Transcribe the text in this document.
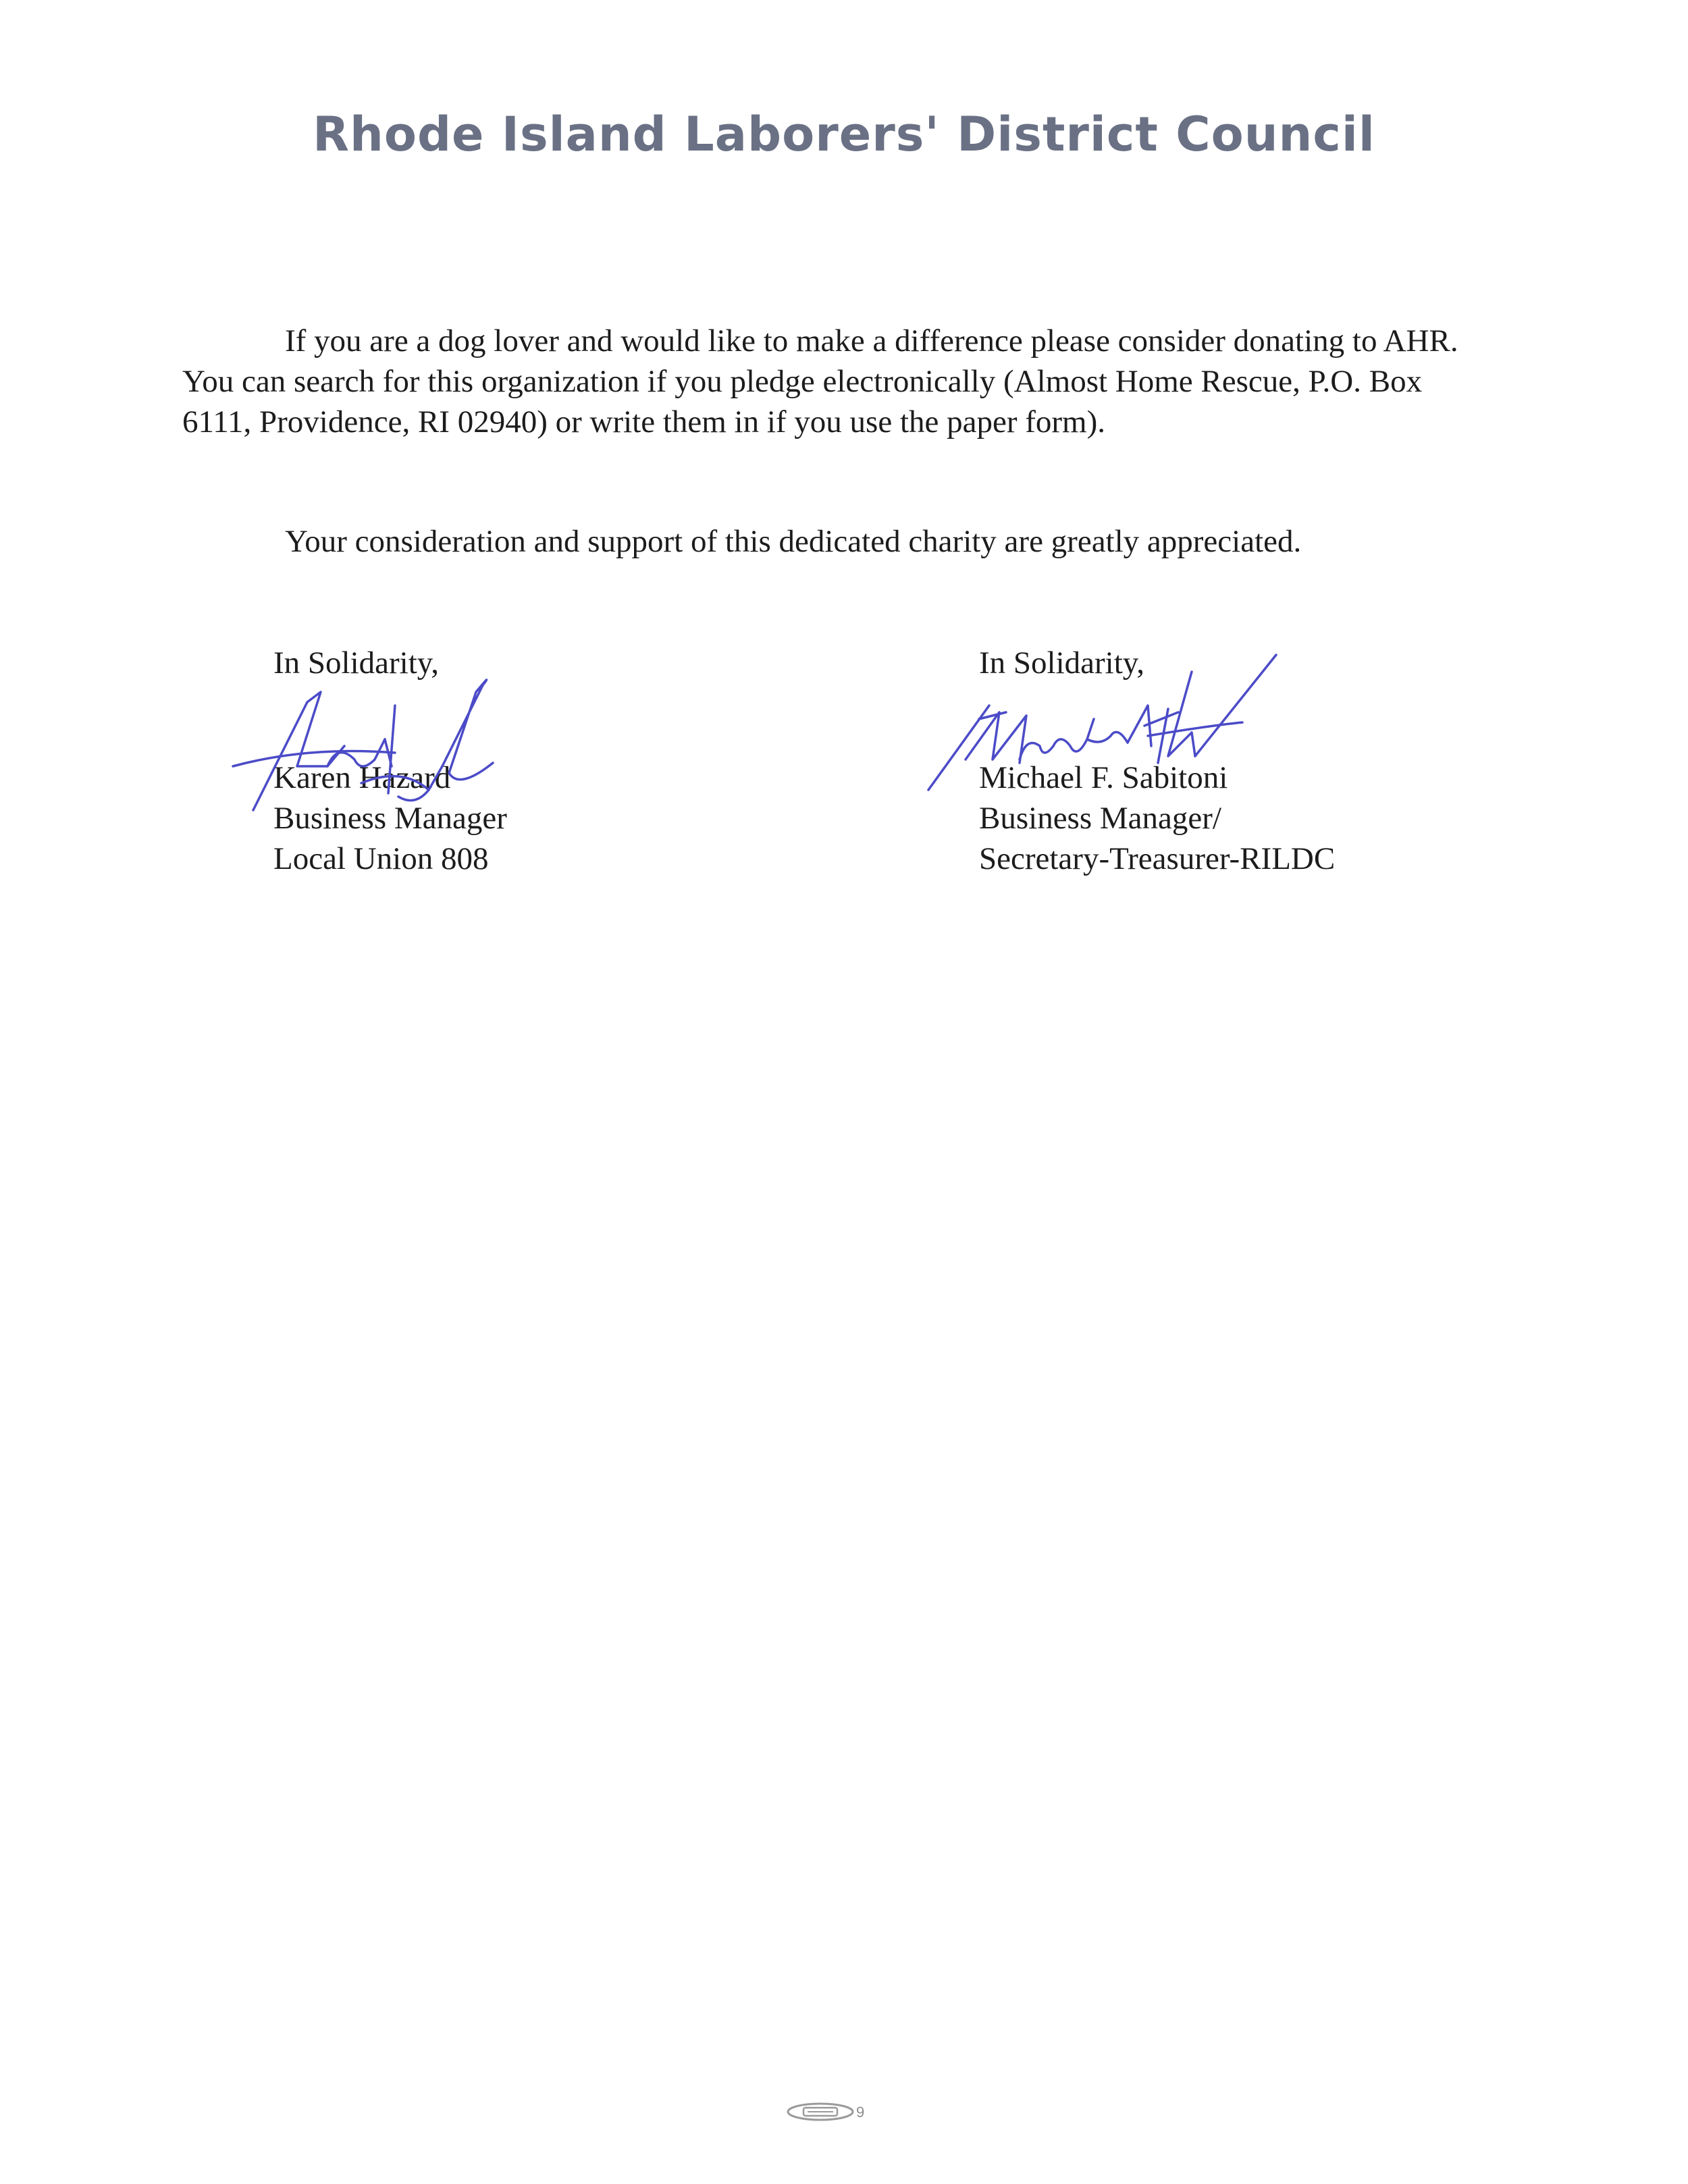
Rhode Island Laborers' District Council
If you are a dog lover and would like to make a difference please consider donating to AHR. You can search for this organization if you pledge electronically (Almost Home Rescue, P.O. Box 6111, Providence, RI 02940) or write them in if you use the paper form).
Your consideration and support of this dedicated charity are greatly appreciated.
In Solidarity,
Karen Hazard
Business Manager
Local Union 808
In Solidarity,
Michael F. Sabitoni
Business Manager/
Secretary-Treasurer-RILDC
9
